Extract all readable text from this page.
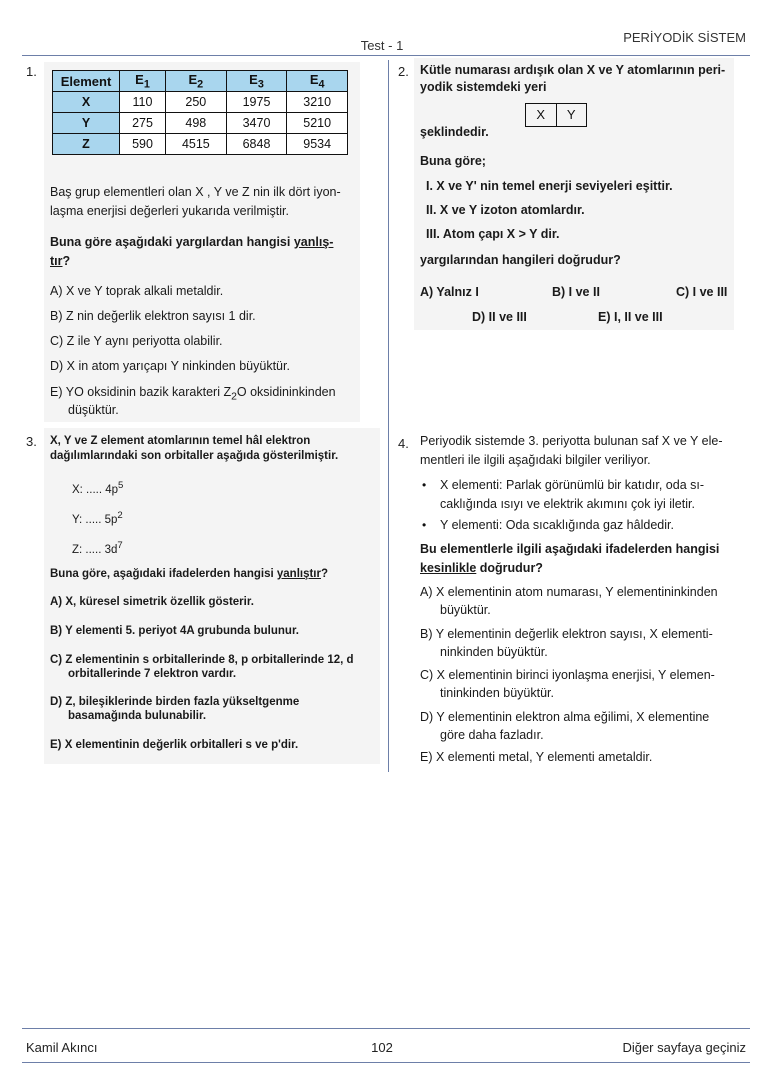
Test - 1
PERİYODİK SİSTEM
1.
Element	$E_1$	$E_2$	$E_3$	$E_4$
X	110	250	1975	3210
Y	275	498	3470	5210
Z	590	4515	6848	9534
Baş grup elementleri olan X , Y ve Z nin ilk dört iyon-
laşma enerjisi değerleri yukarıda verilmiştir.
Buna göre aşağıdaki yargılardan hangisi yanlış-
tır?
A) X ve Y toprak alkali metaldir.
B) Z nin değerlik elektron sayısı 1 dir.
C) Z ile Y aynı periyotta olabilir.
D) X in atom yarıçapı Y ninkinden büyüktür.
E) YO oksidinin bazik karakteri $Z_2O$ oksidininkinden
düşüktür.
2. Kütle numarası ardışık olan X ve Y atomlarının peri-
yodik sistemdeki yeri
X	Y
şeklindedir.
Buna göre;
I. X ve Y' nin temel enerji seviyeleri eşittir.
II. X ve Y izoton atomlardır.
III. Atom çapı X > Y dir.
yargılarından hangileri doğrudur?
A) Yalnız I	B) I ve II	C) I ve III
D) II ve III	E) I, II ve III
3. X, Y ve Z element atomlarının temel hâl elektron
dağılımlarındaki son orbitaller aşağıda gösterilmiştir.
X: ..... $4p^5$
Y: ..... $5p^2$
Z: ..... $3d^7$
Buna göre, aşağıdaki ifadelerden hangisi yanlıştır?
A) X, küresel simetrik özellik gösterir.
B) Y elementi 5. periyot 4A grubunda bulunur.
C) Z elementinin s orbitallerinde 8, p orbitallerinde 12, d
orbitallerinde 7 elektron vardır.
D) Z, bileşiklerinde birden fazla yükseltgenme
basamağında bulunabilir.
E) X elementinin değerlik orbitalleri s ve p'dir.
4. Periyodik sistemde 3. periyotta bulunan saf X ve Y ele-
mentleri ile ilgili aşağıdaki bilgiler veriliyor.
• X elementi: Parlak görünümlü bir katıdır, oda sı-
caklığında ısıyı ve elektrik akımını çok iyi iletir.
• Y elementi: Oda sıcaklığında gaz hâldedir.
Bu elementlerle ilgili aşağıdaki ifadelerden hangisi
kesinlikle doğrudur?
A) X elementinin atom numarası, Y elementininkinden
büyüktür.
B) Y elementinin değerlik elektron sayısı, X elementi-
ninkinden büyüktür.
C) X elementinin birinci iyonlaşma enerjisi, Y elemen-
tininkinden büyüktür.
D) Y elementinin elektron alma eğilimi, X elementine
göre daha fazladır.
E) X elementi metal, Y elementi ametaldir.
Kamil Akıncı	102	Diğer sayfaya geçiniz
